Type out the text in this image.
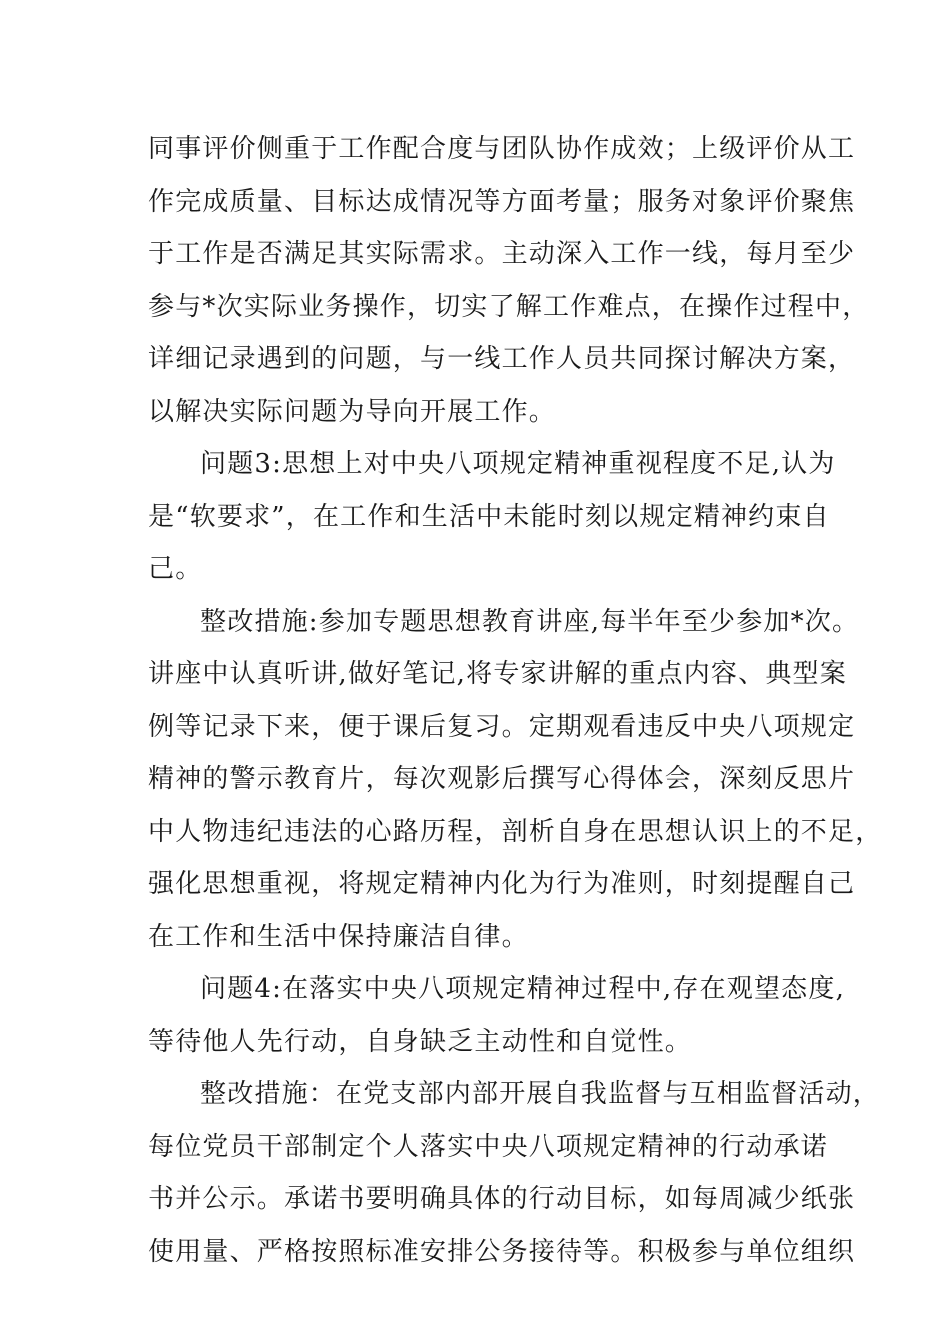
同事评价侧重于工作配合度与团队协作成效；上级评价从工
作完成质量、目标达成情况等方面考量；服务对象评价聚焦
于工作是否满足其实际需求。主动深入工作一线，每月至少
参与*次实际业务操作，切实了解工作难点，在操作过程中，
详细记录遇到的问题，与一线工作人员共同探讨解决方案，
以解决实际问题为导向开展工作。
问题3:思想上对中央八项规定精神重视程度不足,认为
是“软要求”，在工作和生活中未能时刻以规定精神约束自
己。
整改措施:参加专题思想教育讲座,每半年至少参加*次。
讲座中认真听讲,做好笔记,将专家讲解的重点内容、典型案
例等记录下来，便于课后复习。定期观看违反中央八项规定
精神的警示教育片，每次观影后撰写心得体会，深刻反思片
中人物违纪违法的心路历程，剖析自身在思想认识上的不足，
强化思想重视，将规定精神内化为行为准则，时刻提醒自己
在工作和生活中保持廉洁自律。
问题4:在落实中央八项规定精神过程中,存在观望态度,
等待他人先行动，自身缺乏主动性和自觉性。
整改措施：在党支部内部开展自我监督与互相监督活动，
每位党员干部制定个人落实中央八项规定精神的行动承诺
书并公示。承诺书要明确具体的行动目标，如每周减少纸张
使用量、严格按照标准安排公务接待等。积极参与单位组织
